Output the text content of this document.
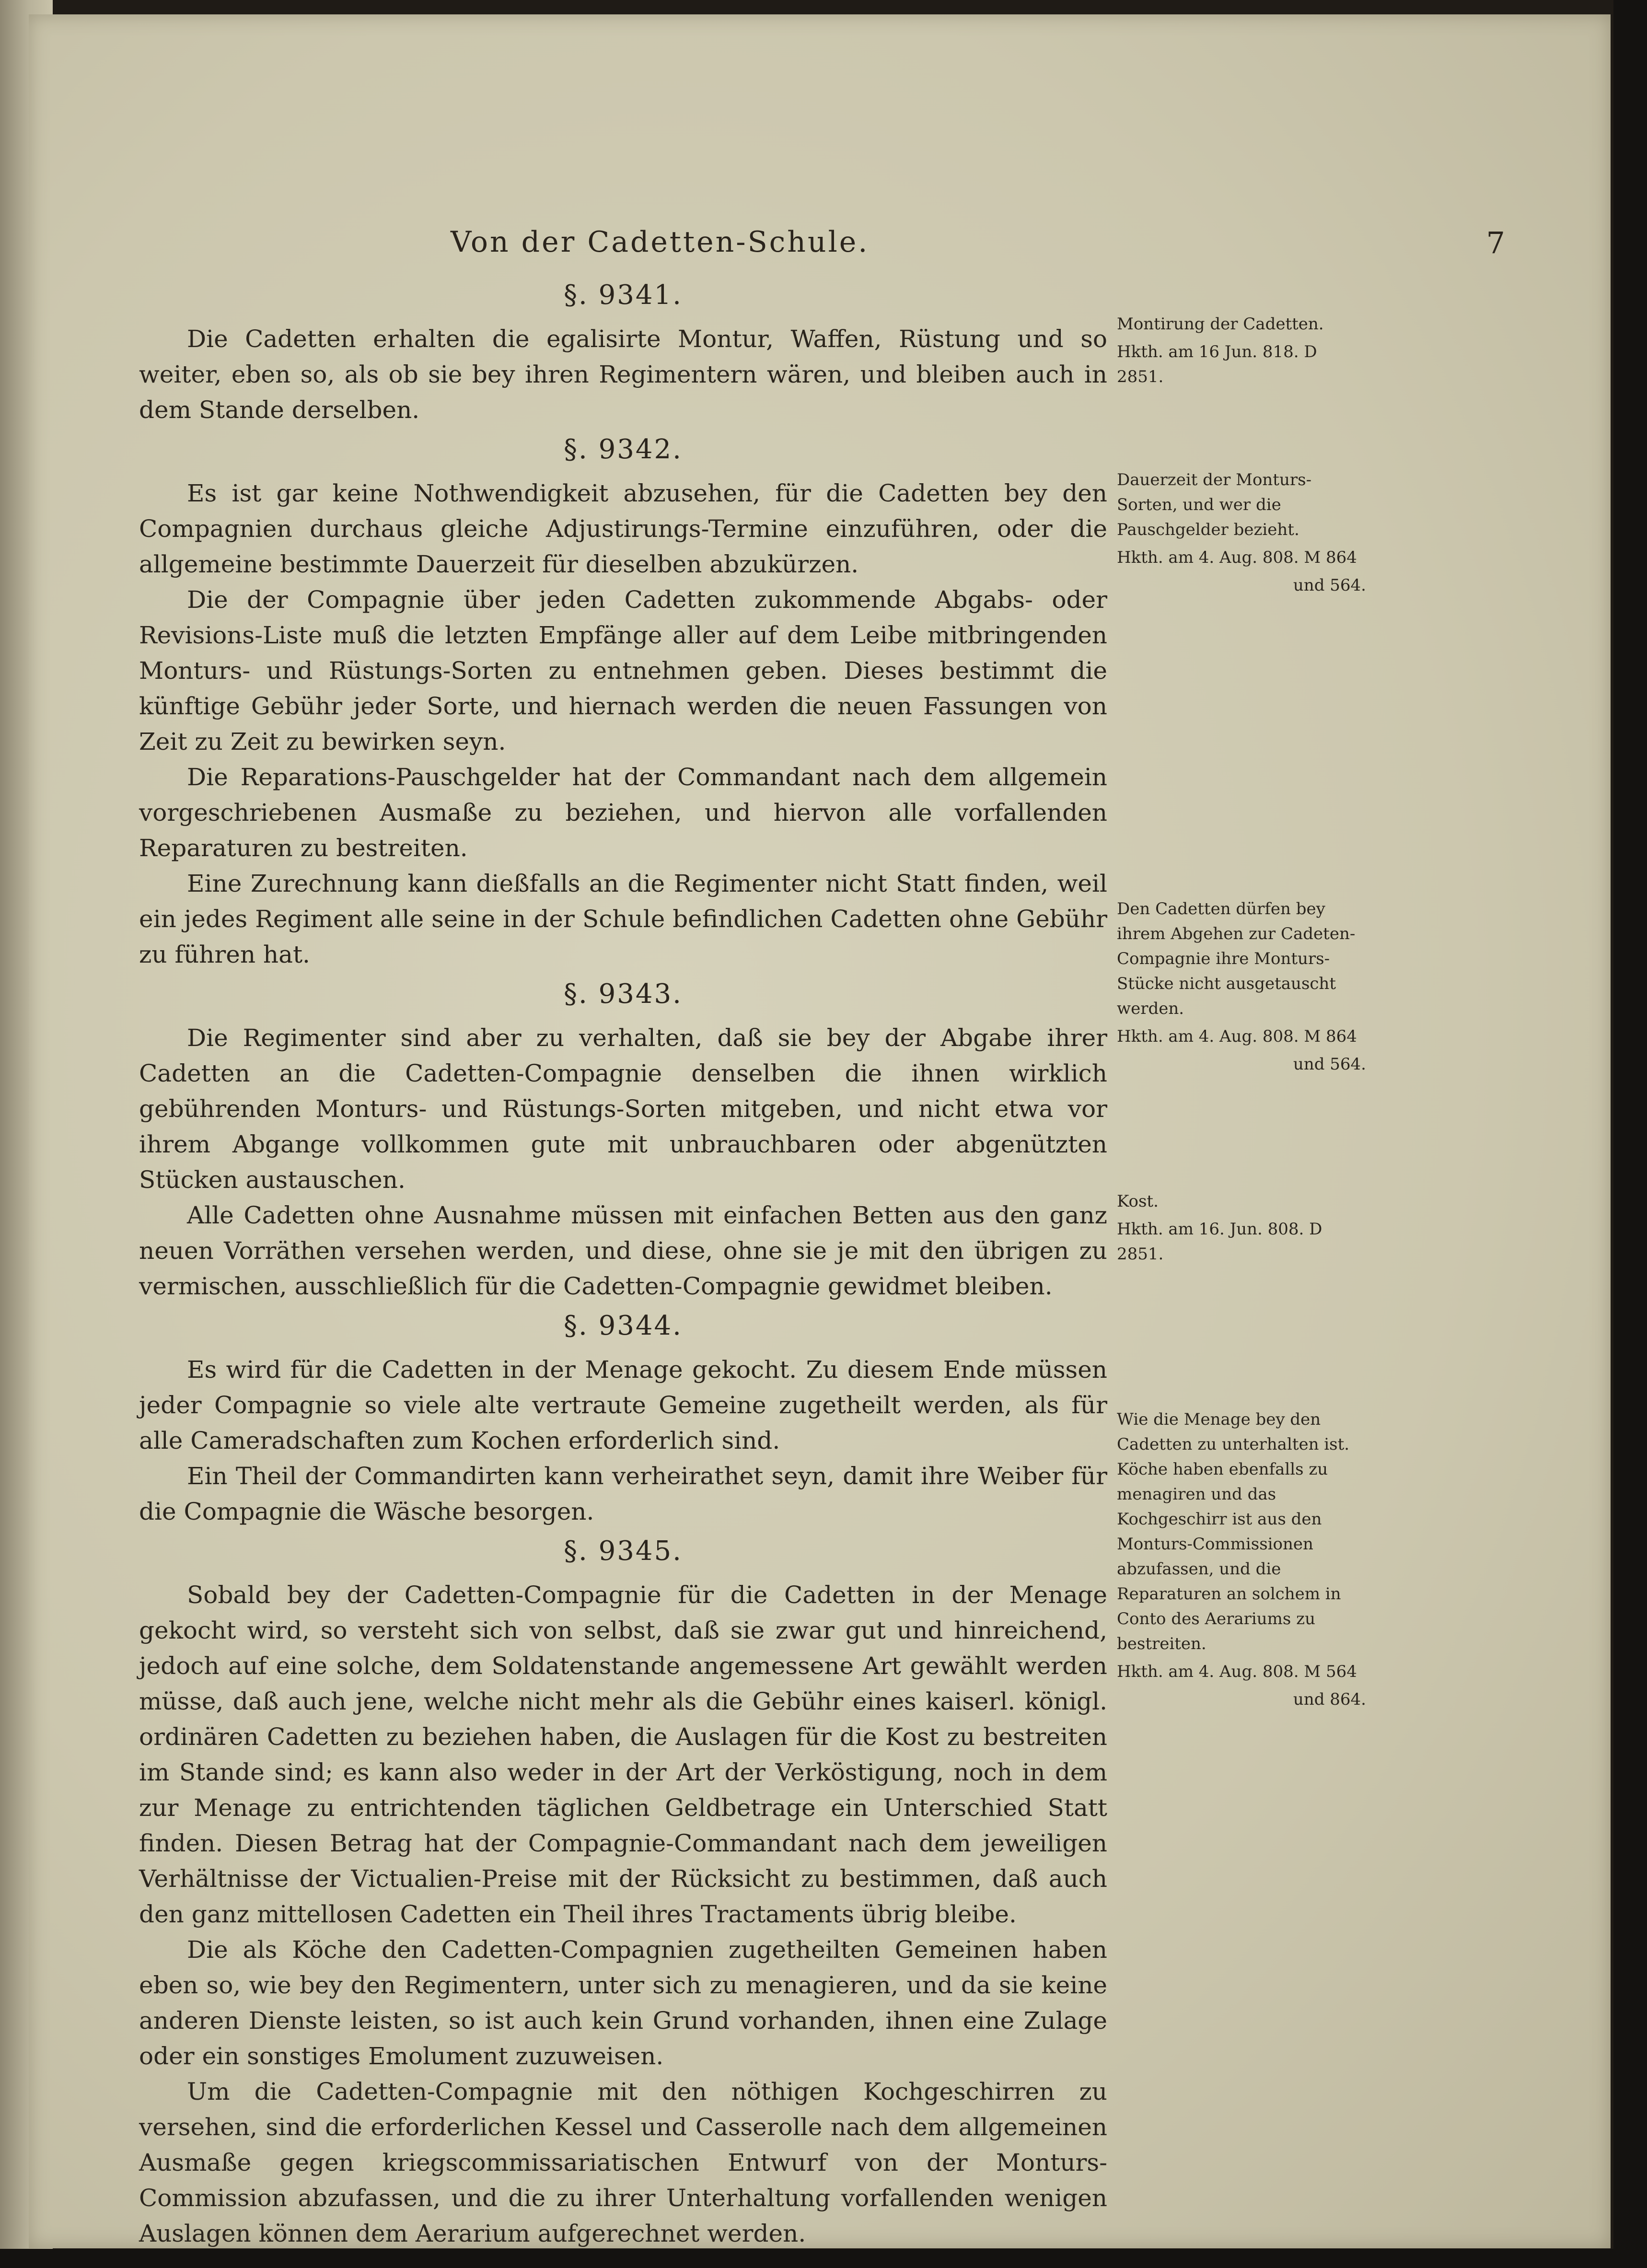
Von der Cadetten-Schule.	7
§. 9341.

Die Cadetten erhalten die egalisirte Montur, Waffen, Rüstung und so weiter, eben so, als ob sie bey ihren Regimentern wären, und bleiben auch in dem Stande derselben.

§. 9342.

Es ist gar keine Nothwendigkeit abzusehen, für die Cadetten bey den Compagnien durchaus gleiche Adjustirungs-Termine einzuführen, oder die allgemeine bestimmte Dauerzeit für dieselben abzukürzen.

Die der Compagnie über jeden Cadetten zukommende Abgabs- oder Revisions-Liste muß die letzten Empfänge aller auf dem Leibe mitbringenden Monturs- und Rüstungs-Sorten zu entnehmen geben. Dieses bestimmt die künftige Gebühr jeder Sorte, und hiernach werden die neuen Fassungen von Zeit zu Zeit zu bewirken seyn.

Die Reparations-Pauschgelder hat der Commandant nach dem allgemein vorgeschriebenen Ausmaße zu beziehen, und hiervon alle vorfallenden Reparaturen zu bestreiten.

Eine Zurechnung kann dießfalls an die Regimenter nicht Statt finden, weil ein jedes Regiment alle seine in der Schule befindlichen Cadetten ohne Gebühr zu führen hat.

§. 9343.

Die Regimenter sind aber zu verhalten, daß sie bey der Abgabe ihrer Cadetten an die Cadetten-Compagnie denselben die ihnen wirklich gebührenden Monturs- und Rüstungs-Sorten mitgeben, und nicht etwa vor ihrem Abgange vollkommen gute mit unbrauchbaren oder abgenützten Stücken austauschen.

Alle Cadetten ohne Ausnahme müssen mit einfachen Betten aus den ganz neuen Vorräthen versehen werden, und diese, ohne sie je mit den übrigen zu vermischen, ausschließlich für die Cadetten-Compagnie gewidmet bleiben.

§. 9344.

Es wird für die Cadetten in der Menage gekocht. Zu diesem Ende müssen jeder Compagnie so viele alte vertraute Gemeine zugetheilt werden, als für alle Cameradschaften zum Kochen erforderlich sind.

Ein Theil der Commandirten kann verheirathet seyn, damit ihre Weiber für die Compagnie die Wäsche besorgen.

§. 9345.

Sobald bey der Cadetten-Compagnie für die Cadetten in der Menage gekocht wird, so versteht sich von selbst, daß sie zwar gut und hinreichend, jedoch auf eine solche, dem Soldatenstande angemessene Art gewählt werden müsse, daß auch jene, welche nicht mehr als die Gebühr eines kaiserl. königl. ordinären Cadetten zu beziehen haben, die Auslagen für die Kost zu bestreiten im Stande sind; es kann also weder in der Art der Verköstigung, noch in dem zur Menage zu entrichtenden täglichen Geldbetrage ein Unterschied Statt finden. Diesen Betrag hat der Compagnie-Commandant nach dem jeweiligen Verhältnisse der Victualien-Preise mit der Rücksicht zu bestimmen, daß auch den ganz mittellosen Cadetten ein Theil ihres Tractaments übrig bleibe.

Die als Köche den Cadetten-Compagnien zugetheilten Gemeinen haben eben so, wie bey den Regimentern, unter sich zu menagieren, und da sie keine anderen Dienste leisten, so ist auch kein Grund vorhanden, ihnen eine Zulage oder ein sonstiges Emolument zuzuweisen.

Um die Cadetten-Compagnie mit den nöthigen Kochgeschirren zu versehen, sind die erforderlichen Kessel und Casserolle nach dem allgemeinen Ausmaße gegen kriegscommissariatischen Entwurf von der Monturs-Commission abzufassen, und die zu ihrer Unterhaltung vorfallenden wenigen Auslagen können dem Aerarium aufgerechnet werden.

Montirung der Cadetten.
Hkth. am 16 Jun. 818. D 2851.
Dauerzeit der Monturs-Sorten, und wer die Pauschgelder bezieht.
Hkth. am 4. Aug. 808. M 864
und 564.
Den Cadetten dürfen bey ihrem Abgehen zur Cadeten-Compagnie ihre Monturs-Stücke nicht ausgetauscht werden.
Hkth. am 4. Aug. 808. M 864
und 564.
Kost.
Hkth. am 16. Jun. 808. D 2851.
Wie die Menage bey den Cadetten zu unterhalten ist. Köche haben ebenfalls zu menagiren und das Kochgeschirr ist aus den Monturs-Commissionen abzufassen, und die Reparaturen an solchem in Conto des Aerariums zu bestreiten.
Hkth. am 4. Aug. 808. M 564
und 864.
